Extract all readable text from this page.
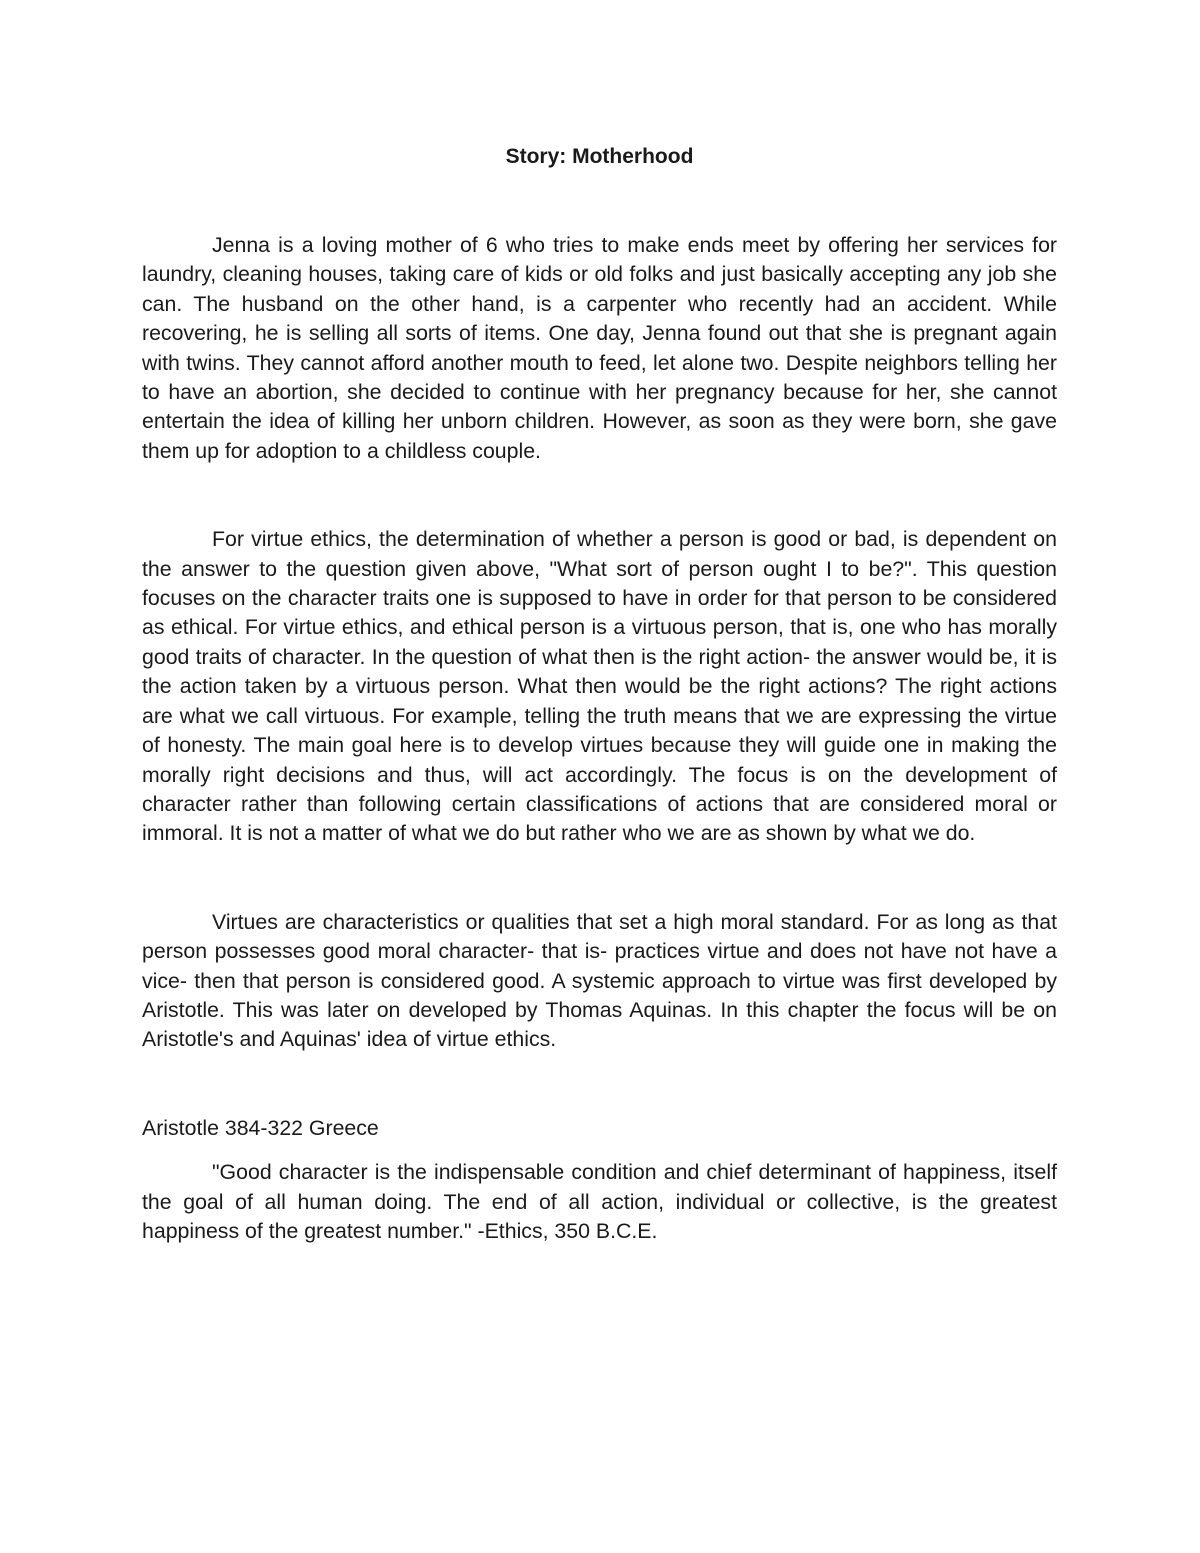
Story: Motherhood

Jenna is a loving mother of 6 who tries to make ends meet by offering her services for laundry, cleaning houses, taking care of kids or old folks and just basically accepting any job she can. The husband on the other hand, is a carpenter who recently had an accident. While recovering, he is selling all sorts of items. One day, Jenna found out that she is pregnant again with twins. They cannot afford another mouth to feed, let alone two. Despite neighbors telling her to have an abortion, she decided to continue with her pregnancy because for her, she cannot entertain the idea of killing her unborn children. However, as soon as they were born, she gave them up for adoption to a childless couple.

For virtue ethics, the determination of whether a person is good or bad, is dependent on the answer to the question given above, "What sort of person ought I to be?". This question focuses on the character traits one is supposed to have in order for that person to be considered as ethical. For virtue ethics, and ethical person is a virtuous person, that is, one who has morally good traits of character. In the question of what then is the right action- the answer would be, it is the action taken by a virtuous person. What then would be the right actions? The right actions are what we call virtuous. For example, telling the truth means that we are expressing the virtue of honesty. The main goal here is to develop virtues because they will guide one in making the morally right decisions and thus, will act accordingly. The focus is on the development of character rather than following certain classifications of actions that are considered moral or immoral. It is not a matter of what we do but rather who we are as shown by what we do.

Virtues are characteristics or qualities that set a high moral standard. For as long as that person possesses good moral character- that is- practices virtue and does not have not have a vice- then that person is considered good. A systemic approach to virtue was first developed by Aristotle. This was later on developed by Thomas Aquinas. In this chapter the focus will be on Aristotle's and Aquinas' idea of virtue ethics.

Aristotle 384-322 Greece

"Good character is the indispensable condition and chief determinant of happiness, itself the goal of all human doing. The end of all action, individual or collective, is the greatest happiness of the greatest number." -Ethics, 350 B.C.E.
